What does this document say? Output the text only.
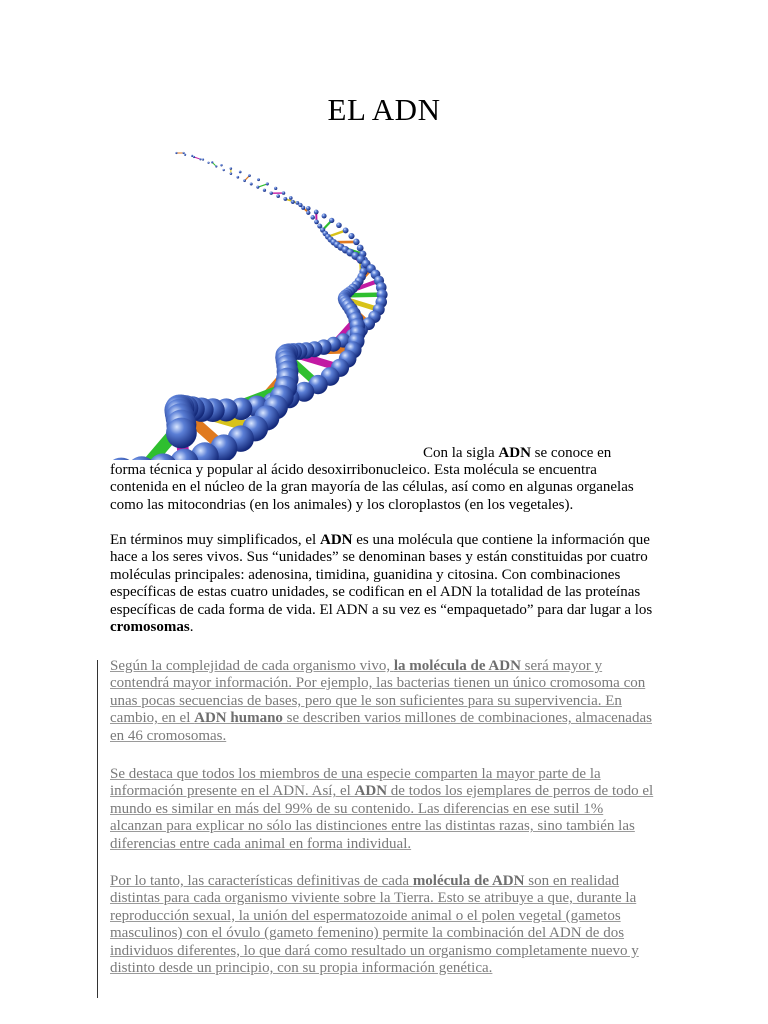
EL ADN
Con la sigla ADN se conoce en

forma técnica y popular al ácido desoxirribonucleico. Esta molécula se encuentra contenida en el núcleo de la gran mayoría de las células, así como en algunas organelas como las mitocondrias (en los animales) y los cloroplastos (en los vegetales).

En términos muy simplificados, el ADN es una molécula que contiene la información que hace a los seres vivos. Sus “unidades” se denominan bases y están constituidas por cuatro moléculas principales: adenosina, timidina, guanidina y citosina. Con combinaciones específicas de estas cuatro unidades, se codifican en el ADN la totalidad de las proteínas específicas de cada forma de vida. El ADN a su vez es “empaquetado” para dar lugar a los cromosomas.

Según la complejidad de cada organismo vivo, la molécula de ADN será mayor y contendrá mayor información. Por ejemplo, las bacterias tienen un único cromosoma con unas pocas secuencias de bases, pero que le son suficientes para su supervivencia. En cambio, en el ADN humano se describen varios millones de combinaciones, almacenadas en 46 cromosomas.

Se destaca que todos los miembros de una especie comparten la mayor parte de la información presente en el ADN. Así, el ADN de todos los ejemplares de perros de todo el mundo es similar en más del 99% de su contenido. Las diferencias en ese sutil 1% alcanzan para explicar no sólo las distinciones entre las distintas razas, sino también las diferencias entre cada animal en forma individual.

Por lo tanto, las características definitivas de cada molécula de ADN son en realidad distintas para cada organismo viviente sobre la Tierra. Esto se atribuye a que, durante la reproducción sexual, la unión del espermatozoide animal o el polen vegetal (gametos masculinos) con el óvulo (gameto femenino) permite la combinación del ADN de dos individuos diferentes, lo que dará como resultado un organismo completamente nuevo y distinto desde un principio, con su propia información genética.
